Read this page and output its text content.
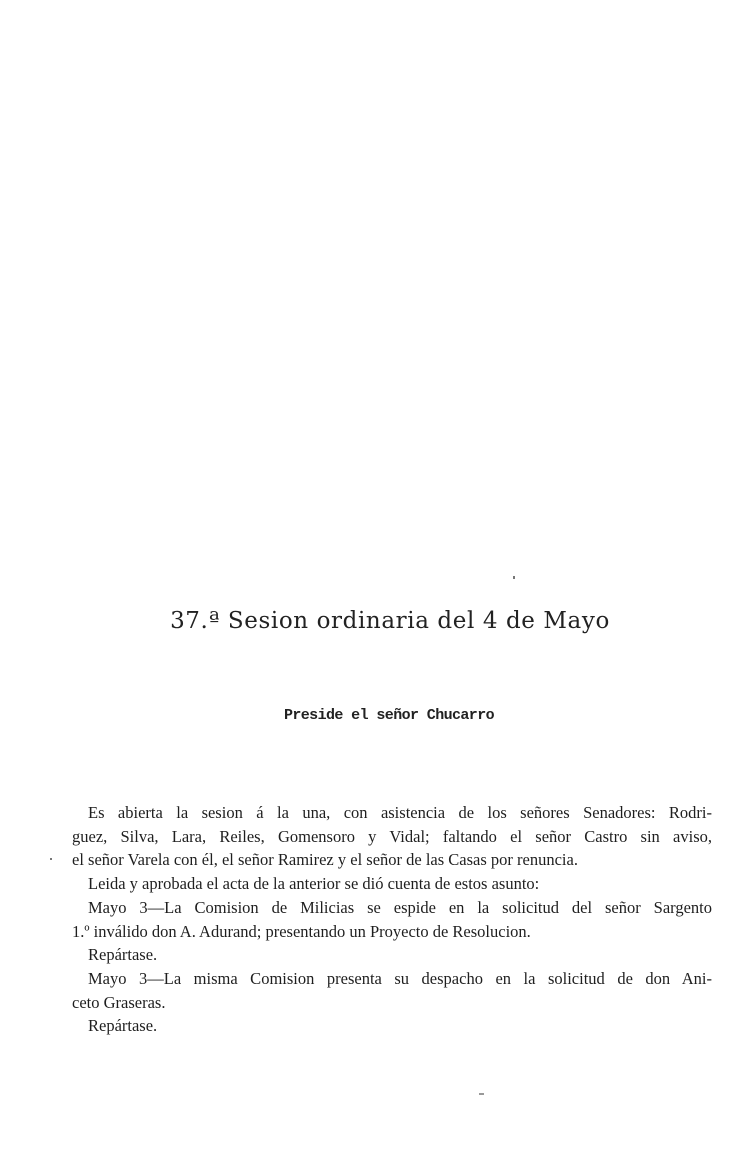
37.ª Sesion ordinaria del 4 de Mayo
Preside el señor Chucarro
Es abierta la sesion á la una, con asistencia de los señores Senadores: Rodri-
guez, Silva, Lara, Reiles, Gomensoro y Vidal; faltando el señor Castro sin aviso,
el señor Varela con él, el señor Ramirez y el señor de las Casas por renuncia.
Leida y aprobada el acta de la anterior se dió cuenta de estos asunto:
Mayo 3—La Comision de Milicias se espide en la solicitud del señor Sargento
1.º inválido don A. Adurand; presentando un Proyecto de Resolucion.
Repártase.
Mayo 3—La misma Comision presenta su despacho en la solicitud de don Ani-
ceto Graseras.
Repártase.
